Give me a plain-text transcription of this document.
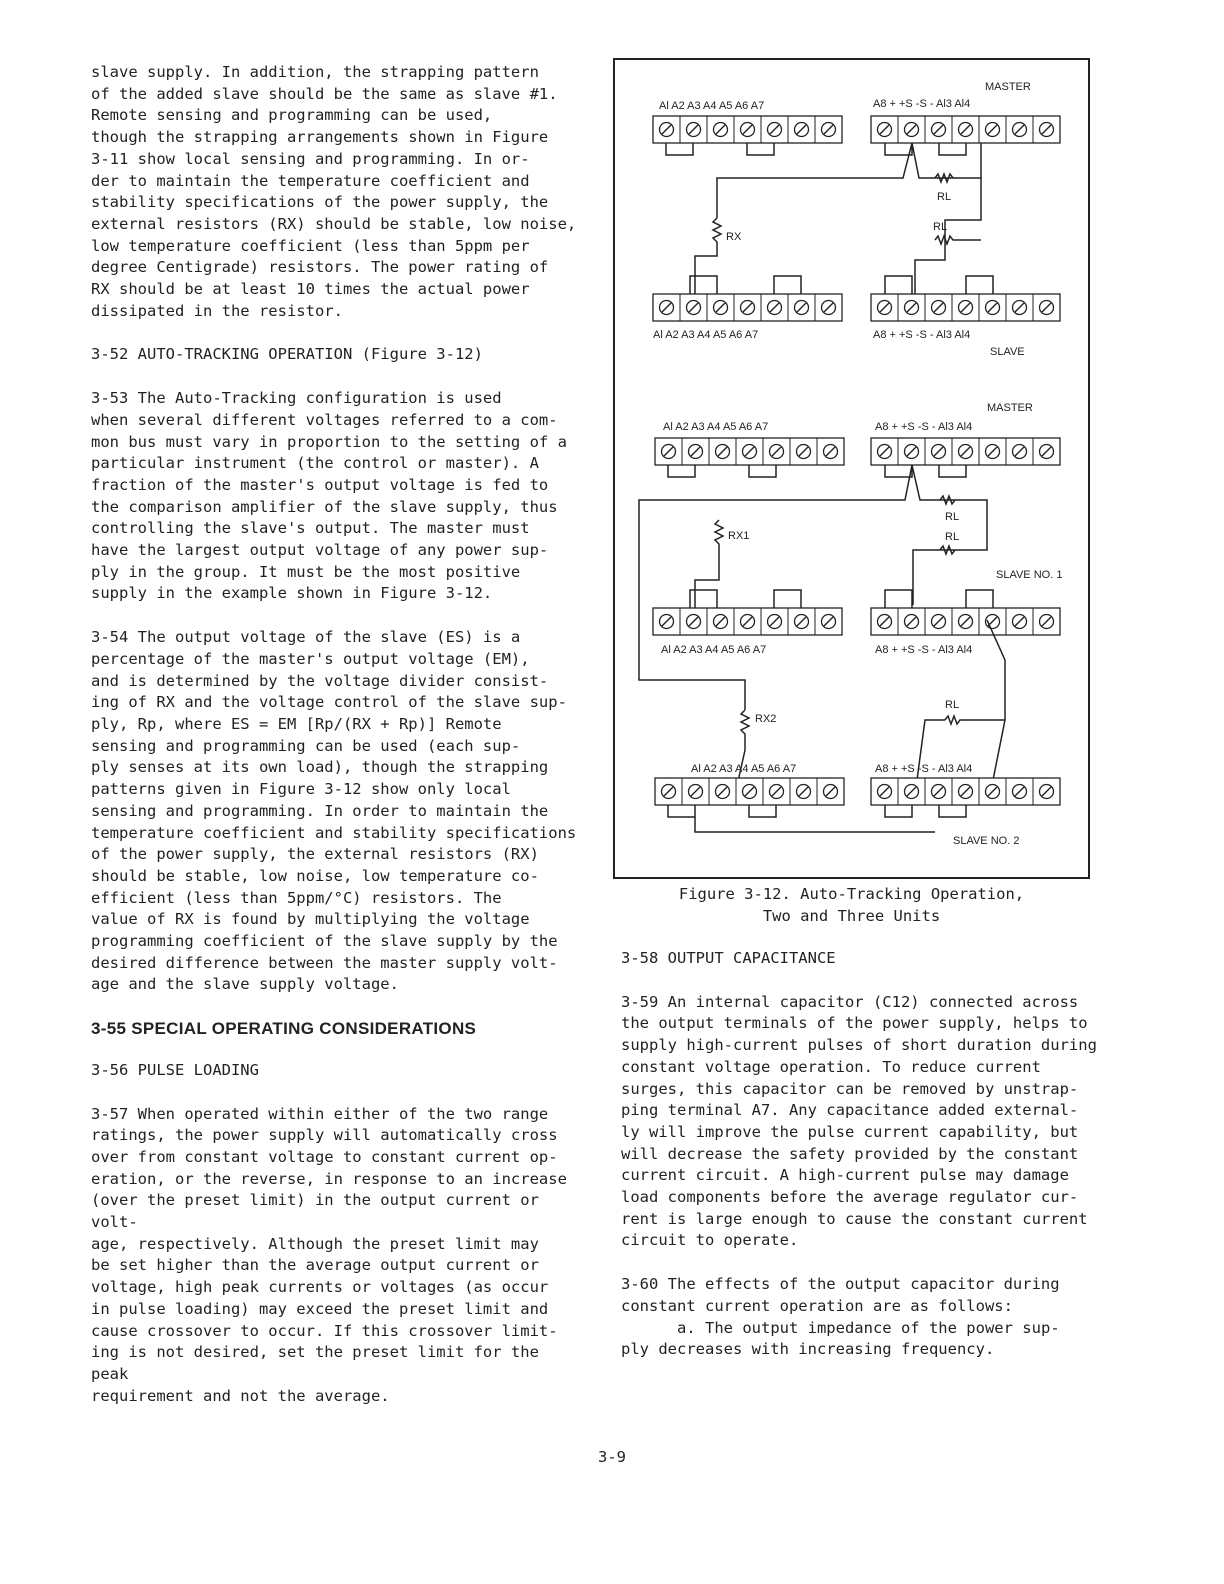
slave supply. In addition, the strapping pattern
of the added slave should be the same as slave #1.
Remote sensing and programming can be used,
though the strapping arrangements shown in Figure
3-11 show local sensing and programming. In or-
der to maintain the temperature coefficient and
stability specifications of the power supply, the
external resistors (RX) should be stable, low noise,
low temperature coefficient (less than 5ppm per
degree Centigrade) resistors. The power rating of
RX should be at least 10 times the actual power
dissipated in the resistor.

3-52 AUTO-TRACKING OPERATION (Figure 3-12)

3-53 The Auto-Tracking configuration is used
when several different voltages referred to a com-
mon bus must vary in proportion to the setting of a
particular instrument (the control or master). A
fraction of the master's output voltage is fed to
the comparison amplifier of the slave supply, thus
controlling the slave's output. The master must
have the largest output voltage of any power sup-
ply in the group. It must be the most positive
supply in the example shown in Figure 3-12.

3-54 The output voltage of the slave (ES) is a
percentage of the master's output voltage (EM),
and is determined by the voltage divider consist-
ing of RX and the voltage control of the slave sup-
ply, Rp, where ES = EM [Rp/(RX + Rp)] Remote
sensing and programming can be used (each sup-
ply senses at its own load), though the strapping
patterns given in Figure 3-12 show only local
sensing and programming. In order to maintain the
temperature coefficient and stability specifications
of the power supply, the external resistors (RX)
should be stable, low noise, low temperature co-
efficient (less than 5ppm/°C) resistors. The
value of RX is found by multiplying the voltage
programming coefficient of the slave supply by the
desired difference between the master supply volt-
age and the slave supply voltage.

3-55 SPECIAL OPERATING CONSIDERATIONS

3-56 PULSE LOADING

3-57 When operated within either of the two range
ratings, the power supply will automatically cross
over from constant voltage to constant current op-
eration, or the reverse, in response to an increase
(over the preset limit) in the output current or volt-
age, respectively. Although the preset limit may
be set higher than the average output current or
voltage, high peak currents or voltages (as occur
in pulse loading) may exceed the preset limit and
cause crossover to occur. If this crossover limit-
ing is not desired, set the preset limit for the peak
requirement and not the average.

MASTER
Al A2 A3 A4 A5 A6 A7	A8 + +S -S - Al3 Al4
RX
RL
RL
Al A2 A3 A4 A5 A6 A7	A8 + +S -S - Al3 Al4
SLAVE
MASTER
Al A2 A3 A4 A5 A6 A7	A8 + +S -S - Al3 Al4
RX1
RL
RL
SLAVE NO. 1
Al A2 A3 A4 A5 A6 A7	A8 + +S -S - Al3 Al4
RX2
RL
Al A2 A3 A4 A5 A6 A7	A8 + +S -S - Al3 Al4
SLAVE NO. 2
Figure 3-12. Auto-Tracking Operation,
Two and Three Units

3-58 OUTPUT CAPACITANCE

3-59 An internal capacitor (C12) connected across
the output terminals of the power supply, helps to
supply high-current pulses of short duration during
constant voltage operation. To reduce current
surges, this capacitor can be removed by unstrap-
ping terminal A7. Any capacitance added external-
ly will improve the pulse current capability, but
will decrease the safety provided by the constant
current circuit. A high-current pulse may damage
load components before the average regulator cur-
rent is large enough to cause the constant current
circuit to operate.

3-60 The effects of the output capacitor during
constant current operation are as follows:

a. The output impedance of the power sup-
ply decreases with increasing frequency.

3-9
